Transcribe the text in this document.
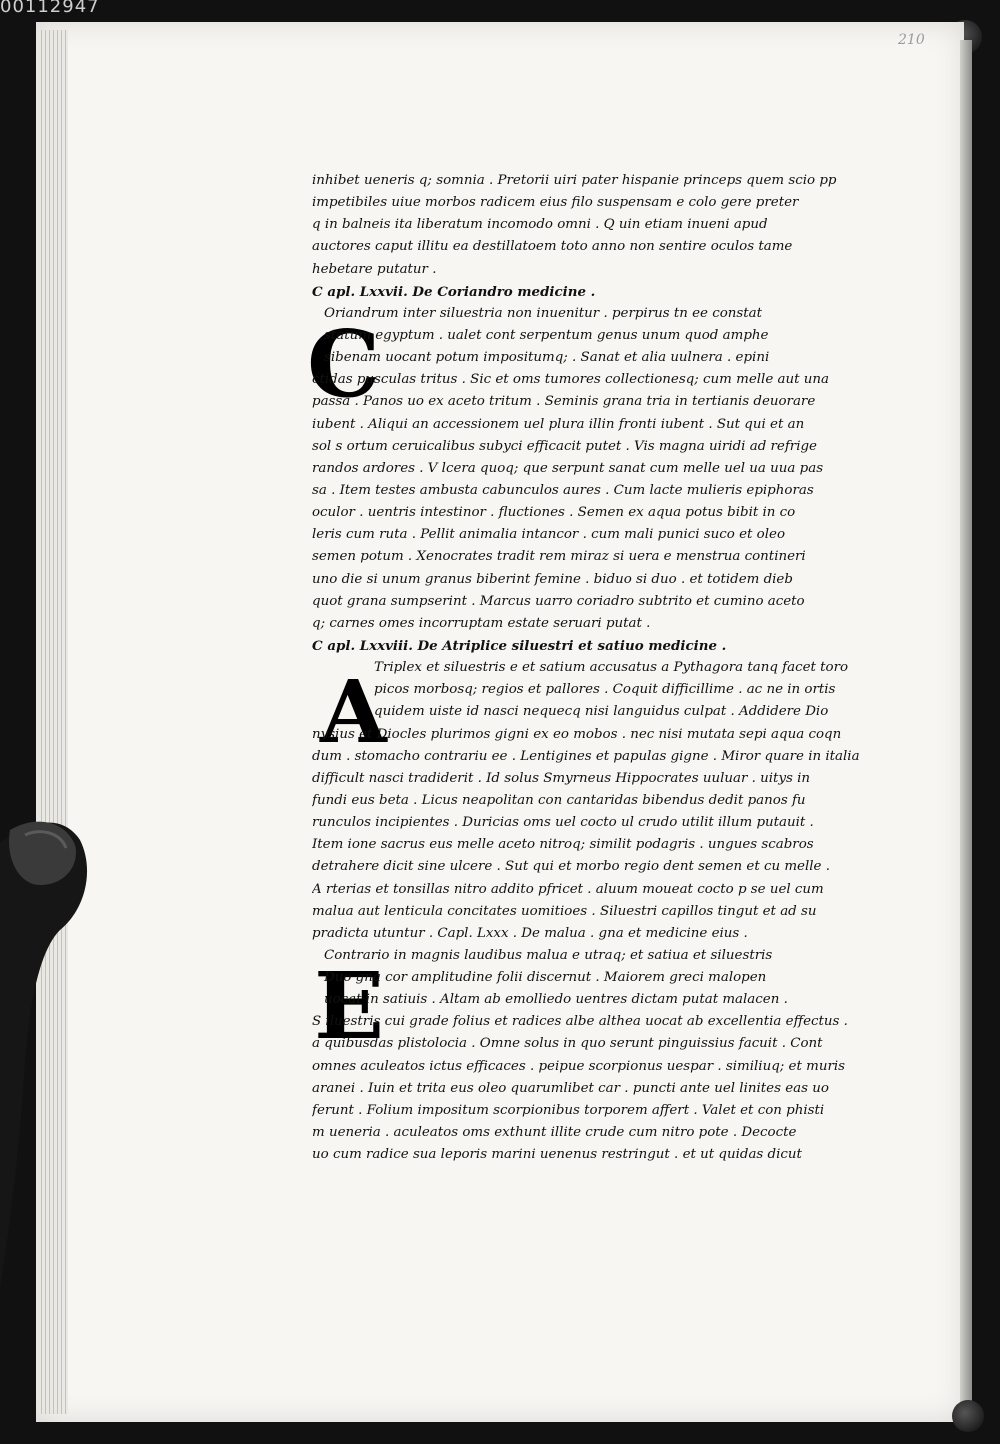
00112947
210
C
A
E
inhibet ueneris q; somnia . Pretorii uiri pater hispanie princeps quem scio pp
impetibiles uiue morbos radicem eius filo suspensam e colo gere preter
q in balneis ita liberatum incomodo omni . Q uin etiam inueni apud
auctores caput illitu ea destillatoem toto anno non sentire oculos tame
hebetare putatur .
C apl. Lxxvii. De Coriandro medicine .
Oriandrum inter siluestria non inuenitur . perpirus tn ee constat
statum egyptum . ualet cont serpentum genus unum quod amphe
sibenam uocant potum impositumq; . Sanat et alia uulnera . epini
ctidas pusculas tritus . Sic et oms tumores collectionesq; cum melle aut una
passa . Panos uo ex aceto tritum . Seminis grana tria in tertianis deuorare
iubent . Aliqui an accessionem uel plura illin fronti iubent . Sut qui et an
sol s ortum ceruicalibus subyci efficacit putet . Vis magna uiridi ad refrige
randos ardores . V lcera quoq; que serpunt sanat cum melle uel ua uua pas
sa . Item testes ambusta cabunculos aures . Cum lacte mulieris epiphoras
oculor . uentris intestinor . fluctiones . Semen ex aqua potus bibit in co
leris cum ruta . Pellit animalia intancor . cum mali punici suco et oleo
semen potum . Xenocrates tradit rem miraz si uera e menstrua contineri
uno die si unum granus biberint femine . biduo si duo . et totidem dieb
quot grana sumpserint . Marcus uarro coriadro subtrito et cumino aceto
q; carnes omes incorruptam estate seruari putat .
C apl. Lxxviii. De Atriplice siluestri et satiuo medicine .
Triplex et siluestris e et satium accusatus a Pythagora tanq facet toro
picos morbosq; regios et pallores . Coquit difficillime . ac ne in ortis
quidem uiste id nasci nequecq nisi languidus culpat . Addidere Dio
nysius et Diocles plurimos gigni ex eo mobos . nec nisi mutata sepi aqua coqn
dum . stomacho contrariu ee . Lentigines et papulas gigne . Miror quare in italia
difficult nasci tradiderit . Id solus Smyrneus Hippocrates uuluar . uitys in
fundi eus beta . Licus neapolitan con cantaridas bibendus dedit panos fu
runculos incipientes . Duricias oms uel cocto ul crudo utilit illum putauit .
Item ione sacrus eus melle aceto nitroq; similit podagris . ungues scabros
detrahere dicit sine ulcere . Sut qui et morbo regio dent semen et cu melle .
A rterias et tonsillas nitro addito pfricet . aluum moueat cocto p se uel cum
malua aut lenticula concitates uomitioes . Siluestri capillos tingut et ad su
pradicta utuntur . Capl. Lxxx . De malua . gna et medicine eius .
Contrario in magnis laudibus malua e utraq; et satiua et siluestris
Duo gna cor amplitudine folii discernut . Maiorem greci malopen
uocat in satiuis . Altam ab emolliedo uentres dictam putat malacen .
S iluestris cui grade folius et radices albe althea uocat ab excellentia effectus .
a quibusdas plistolocia . Omne solus in quo serunt pinguissius facuit . Cont
omnes aculeatos ictus efficaces . peipue scorpionus uespar . similiuq; et muris
aranei . Iuin et trita eus oleo quarumlibet car . puncti ante uel linites eas uo
ferunt . Folium impositum scorpionibus torporem affert . Valet et con phisti
m ueneria . aculeatos oms exthunt illite crude cum nitro pote . Decocte
uo cum radice sua leporis marini uenenus restringut . et ut quidas dicut
